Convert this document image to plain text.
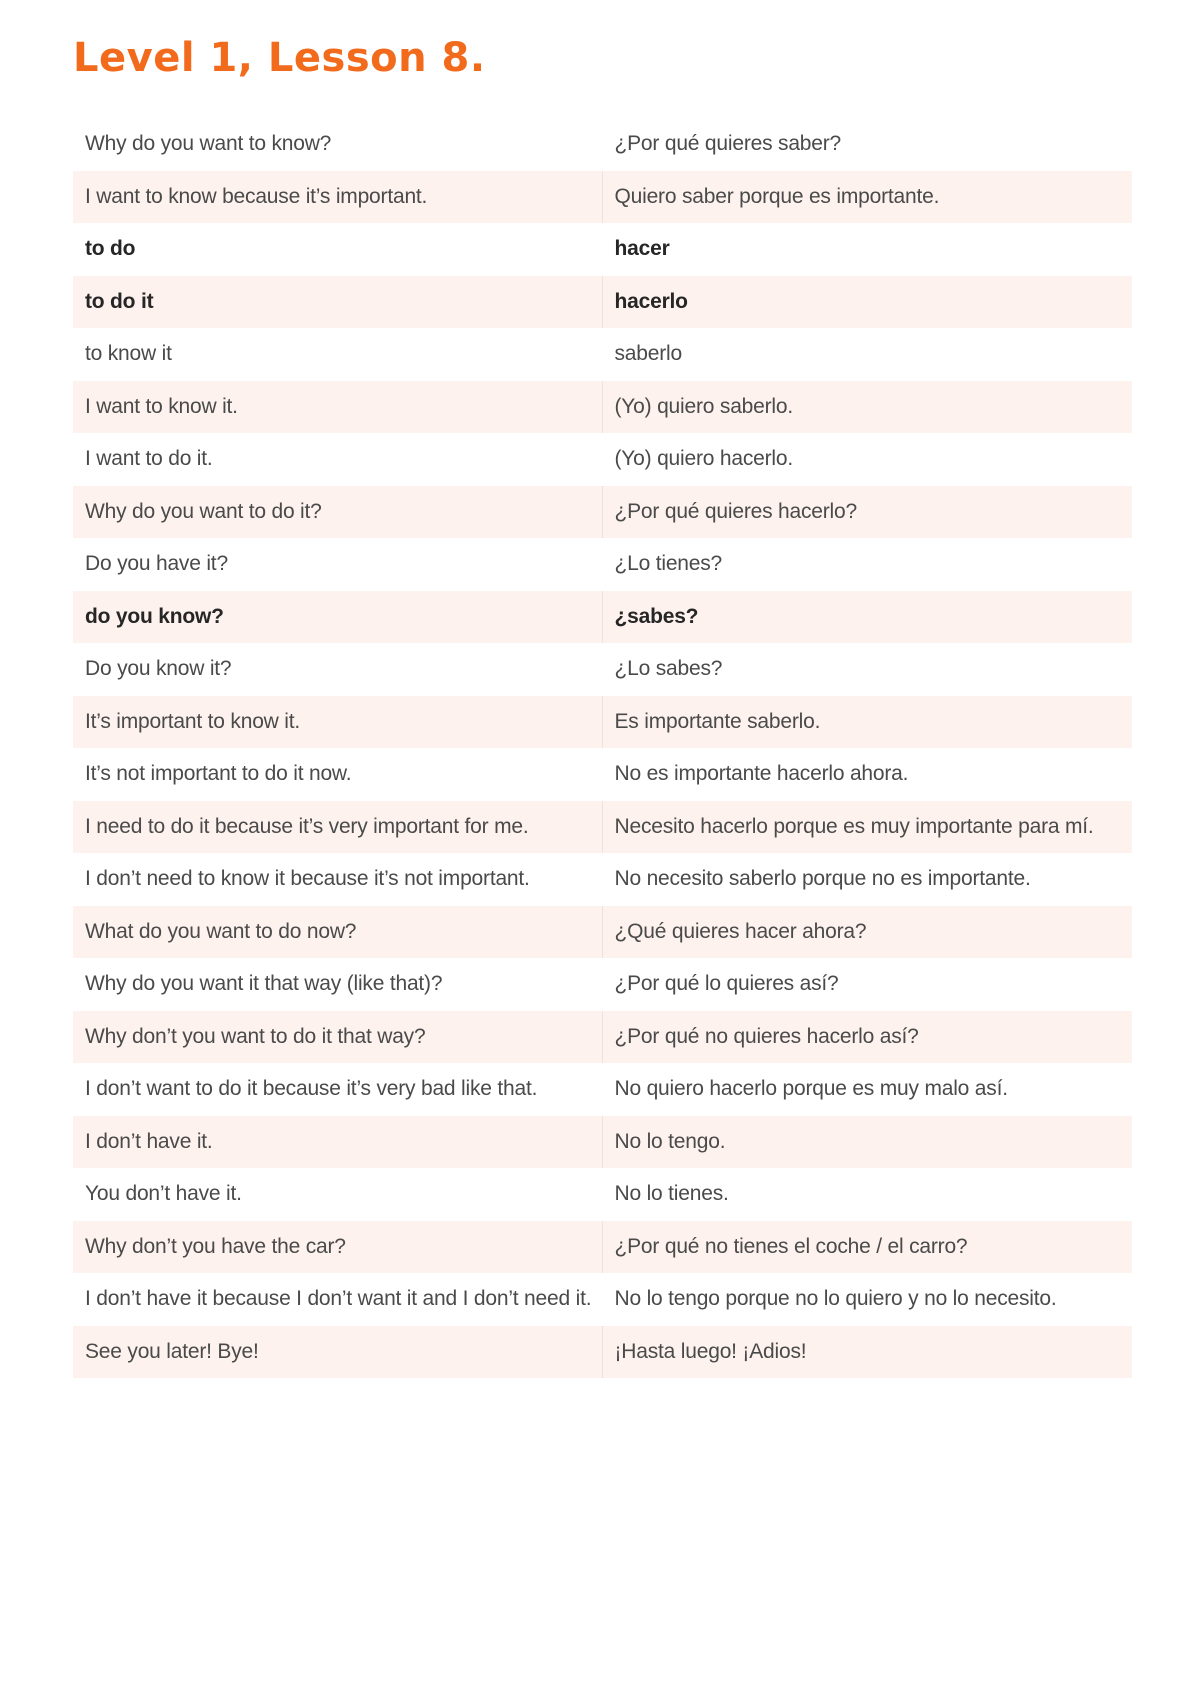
Level 1, Lesson 8.
Why do you want to know?	¿Por qué quieres saber?
I want to know because it’s important.	Quiero saber porque es importante.
to do	hacer
to do it	hacerlo
to know it	saberlo
I want to know it.	(Yo) quiero saberlo.
I want to do it.	(Yo) quiero hacerlo.
Why do you want to do it?	¿Por qué quieres hacerlo?
Do you have it?	¿Lo tienes?
do you know?	¿sabes?
Do you know it?	¿Lo sabes?
It’s important to know it.	Es importante saberlo.
It’s not important to do it now.	No es importante hacerlo ahora.
I need to do it because it’s very important for me.	Necesito hacerlo porque es muy importante para mí.
I don’t need to know it because it’s not important.	No necesito saberlo porque no es importante.
What do you want to do now?	¿Qué quieres hacer ahora?
Why do you want it that way (like that)?	¿Por qué lo quieres así?
Why don’t you want to do it that way?	¿Por qué no quieres hacerlo así?
I don’t want to do it because it’s very bad like that.	No quiero hacerlo porque es muy malo así.
I don’t have it.	No lo tengo.
You don’t have it.	No lo tienes.
Why don’t you have the car?	¿Por qué no tienes el coche / el carro?
I don’t have it because I don’t want it and I don’t need it.	No lo tengo porque no lo quiero y no lo necesito.
See you later! Bye!	¡Hasta luego! ¡Adios!
